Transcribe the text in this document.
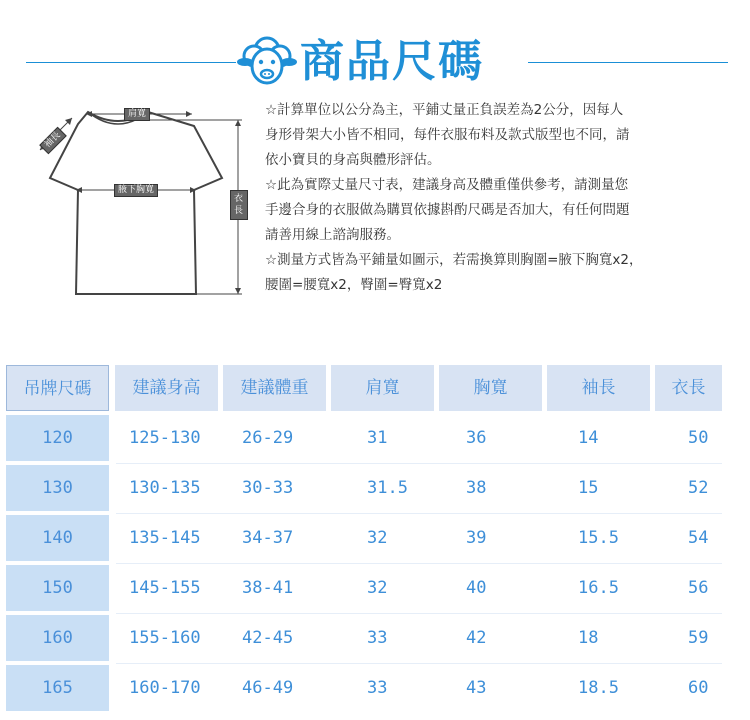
商品尺碼
肩寬
袖長
腋下胸寬
衣長

☆計算單位以公分為主，平鋪丈量正負誤差為2公分，因每人

身形骨架大小皆不相同，每件衣服布料及款式版型也不同，請

依小寶貝的身高與體形評估。

☆此為實際丈量尺寸表，建議身高及體重僅供參考，請測量您

手邊合身的衣服做為購買依據斟酌尺碼是否加大，有任何問題

請善用線上諮詢服務。

☆測量方式皆為平鋪量如圖示，若需換算則胸圍=腋下胸寬x2，

腰圍=腰寬x2，臀圍=臀寬x2

吊牌尺碼	建議身高	建議體重	肩寬	胸寬	袖長	衣長
120	125-130 26-29	31	36	14	50
130	130-135 30-33	31.5	38	15	52
140	135-145 34-37	32	39	15.5	54
150	145-155 38-41	32	40	16.5	56
160	155-160 42-45	33	42	18	59
165	160-170 46-49	33	43	18.5	60
